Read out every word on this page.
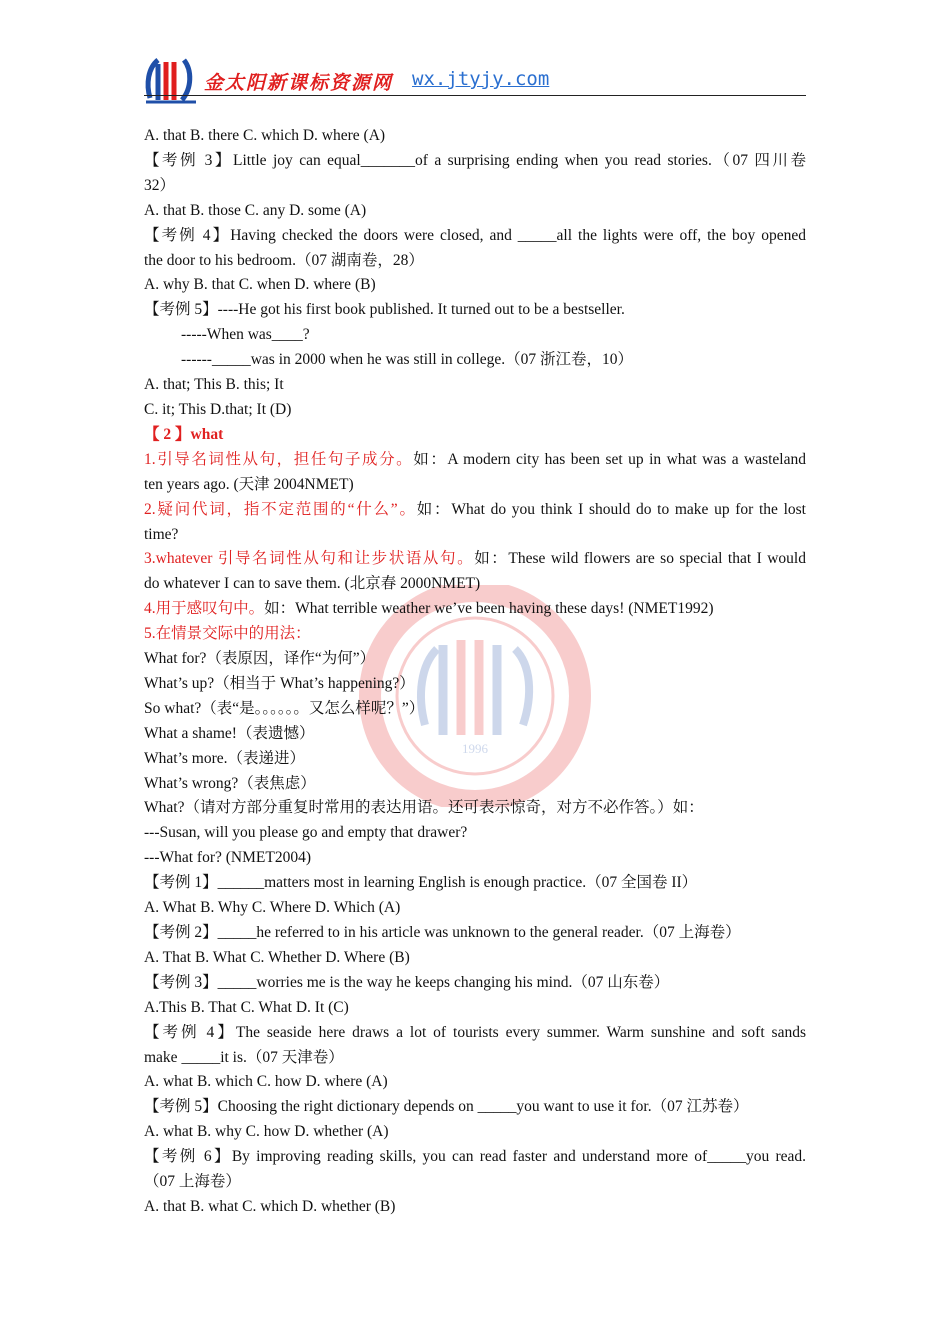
金太阳新课标资源网 wx.jtyjy.com
1996
A. that B. there C. which D. where (A)
【考例 3】Little joy can equal_______of a surprising ending when you read stories.（07 四川卷
32）
A. that B. those C. any D. some (A)
【考例 4】Having checked the doors were closed, and _____all the lights were off, the boy opened
the door to his bedroom.（07 湖南卷，28）
A. why B. that C. when D. where (B)
【考例 5】----He got his first book published. It turned out to be a bestseller.
-----When was____?
------_____was in 2000 when he was still in college.（07 浙江卷，10）
A. that; This B. this; It
C. it; This D.that; It (D)
【 2 】what
1.引导名词性从句，担任句子成分。如：A modern city has been set up in what was a wasteland
ten years ago. (天津 2004NMET)
2.疑问代词，指不定范围的“什么”。如：What do you think I should do to make up for the lost
time?
3.whatever 引导名词性从句和让步状语从句。如：These wild flowers are so special that I would
do whatever I can to save them. (北京春 2000NMET)
4.用于感叹句中。如：What terrible weather we’ve been having these days! (NMET1992)
5.在情景交际中的用法：
What for?（表原因，译作“为何”）
What’s up?（相当于 What’s happening?）
So what?（表“是。。。。。。又怎么样呢？”）
What a shame!（表遗憾）
What’s more.（表递进）
What’s wrong?（表焦虑）
What?（请对方部分重复时常用的表达用语。还可表示惊奇，对方不必作答。）如：
---Susan, will you please go and empty that drawer?
---What for? (NMET2004)
【考例 1】______matters most in learning English is enough practice.（07 全国卷 II）
A. What B. Why C. Where D. Which (A)
【考例 2】_____he referred to in his article was unknown to the general reader.（07 上海卷）
A. That B. What C. Whether D. Where (B)
【考例 3】_____worries me is the way he keeps changing his mind.（07 山东卷）
A.This B. That C. What D. It (C)
【考例 4】The seaside here draws a lot of tourists every summer. Warm sunshine and soft sands
make _____it is.（07 天津卷）
A. what B. which C. how D. where (A)
【考例 5】Choosing the right dictionary depends on _____you want to use it for.（07 江苏卷）
A. what B. why C. how D. whether (A)
【考例 6】By improving reading skills, you can read faster and understand more of_____you read.
（07 上海卷）
A. that B. what C. which D. whether (B)
